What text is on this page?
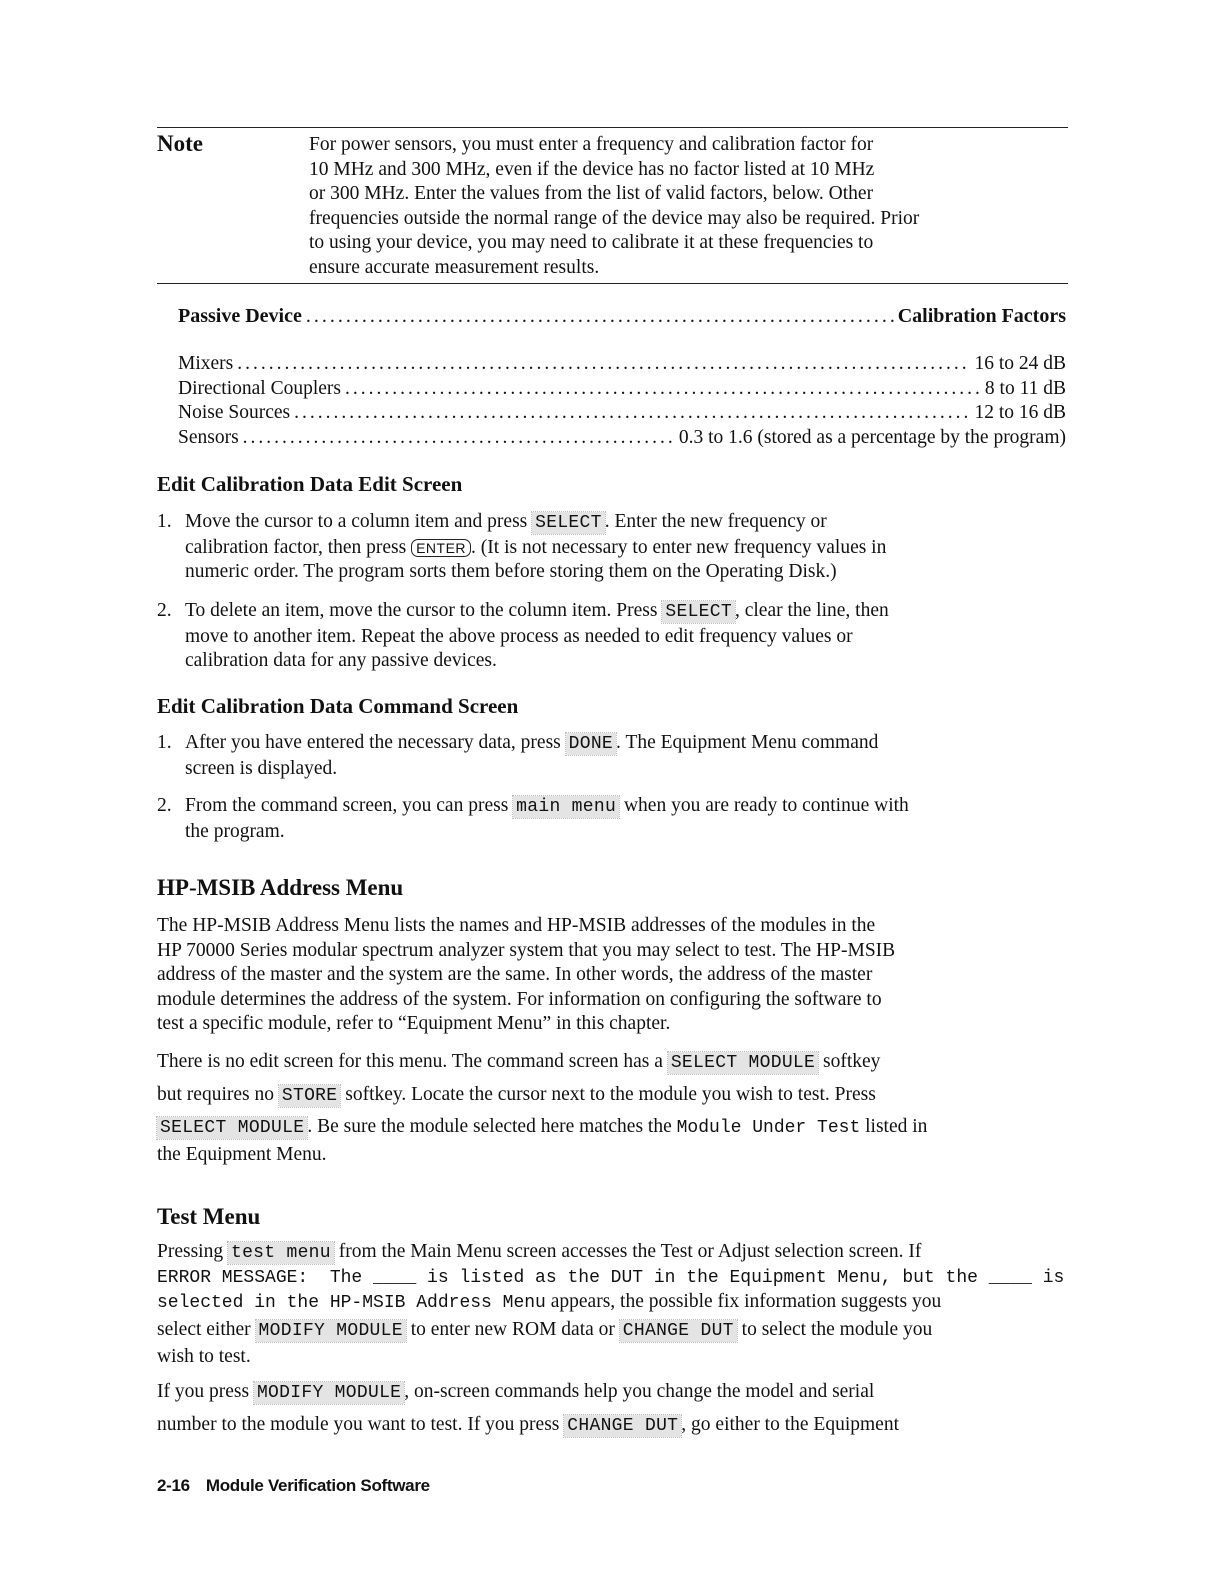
Note	For power sensors, you must enter a frequency and calibration factor for

10 MHz and 300 MHz, even if the device has no factor listed at 10 MHz

or 300 MHz. Enter the values from the list of valid factors, below. Other

frequencies outside the normal range of the device may also be required. Prior

to using your device, you may need to calibrate it at these frequencies to

ensure accurate measurement results.

Passive Device .....	Calibration Factors
Mixers .....	16 to 24 dB
Directional Couplers .....	8 to 11 dB
Noise Sources .....	12 to 16 dB
Sensors .....	0.3 to 1.6 (stored as a percentage by the program)
Edit Calibration Data Edit Screen
1. Move the cursor to a column item and press SELECT . Enter the new frequency or

calibration factor, then press ENTER . (It is not necessary to enter new frequency values in

numeric order. The program sorts them before storing them on the Operating Disk.)

2. To delete an item, move the cursor to the column item. Press SELECT , clear the line, then

move to another item. Repeat the above process as needed to edit frequency values or

calibration data for any passive devices.

Edit Calibration Data Command Screen
1. After you have entered the necessary data, press DONE . The Equipment Menu command

screen is displayed.

2. From the command screen, you can press main menu when you are ready to continue with

the program.

HP-MSIB Address Menu

The HP-MSIB Address Menu lists the names and HP-MSIB addresses of the modules in the

HP 70000 Series modular spectrum analyzer system that you may select to test. The HP-MSIB

address of the master and the system are the same. In other words, the address of the master

module determines the address of the system. For information on configuring the software to

test a specific module, refer to “Equipment Menu” in this chapter.

There is no edit screen for this menu. The command screen has a SELECT MODULE softkey

but requires no STORE softkey. Locate the cursor next to the module you wish to test. Press

SELECT MODULE . Be sure the module selected here matches the Module Under Test listed in

the Equipment Menu.

Test Menu

Pressing test menu from the Main Menu screen accesses the Test or Adjust selection screen. If

ERROR MESSAGE:  The ____ is listed as the DUT in the Equipment Menu, but the ____ is

selected in the HP-MSIB Address Menu appears, the possible fix information suggests you

select either MODIFY MODULE to enter new ROM data or CHANGE DUT to select the module you

wish to test.

If you press MODIFY MODULE , on-screen commands help you change the model and serial

number to the module you want to test. If you press CHANGE DUT , go either to the Equipment

2-16 Module Verification Software
